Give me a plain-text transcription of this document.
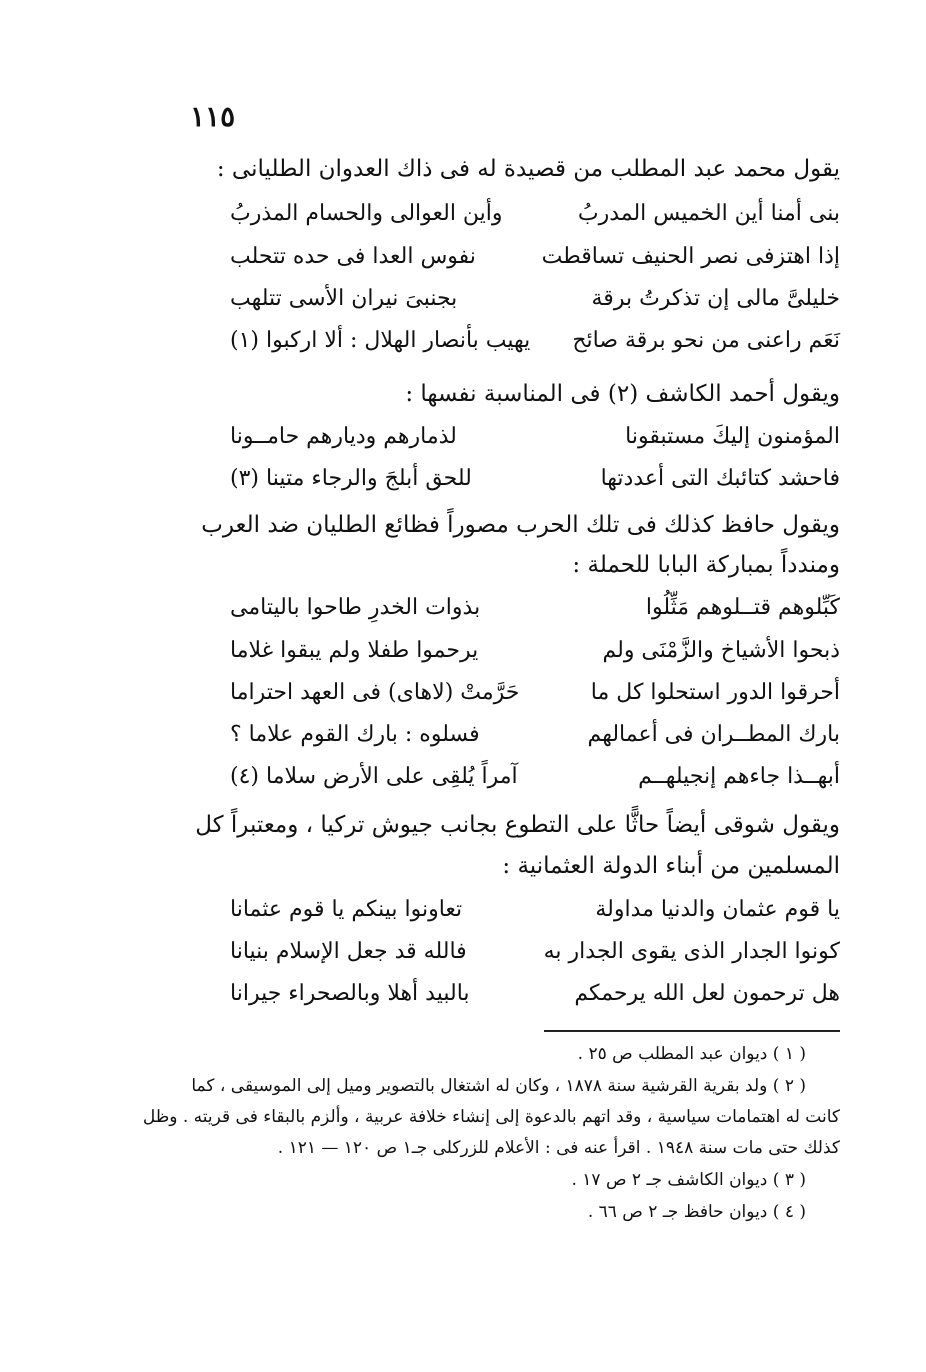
١١٥
يقول محمد عبد المطلب من قصيدة له فى ذاك العدوان الطليانى :
بنى أمنا أين الخميس المدربُ
وأين العوالى والحسام المذربُ
إذا اهتزفى نصر الحنيف تساقطت
نفوس العدا فى حده تتحلب
خليلىَّ مالى إن تذكرتُ برقة
بجنبىَ نيران الأسى تتلهب
نَعَم راعنى من نحو برقة صائح
يهيب بأنصار الهلال : ألا اركبوا (١)
ويقول أحمد الكاشف (٢) فى المناسبة نفسها :
المؤمنون إليكَ مستبقونا
لذمارهم وديارهم حامــونا
فاحشد كتائبك التى أعددتها
للحق أبلجَ والرجاء متينا (٣)
ويقول حافظ كذلك فى تلك الحرب مصوراً فظائع الطليان ضد العرب
ومندداً بمباركة البابا للحملة :
كَبِّلوهم قتــلوهم مَثِّلُوا
بذوات الخدرِ طاحوا باليتامى
ذبحوا الأشياخ والزَّمْنَى ولم
يرحموا طفلا ولم يبقوا غلاما
أحرقوا الدور استحلوا كل ما
حَرَّمتْ (لاهاى) فى العهد احتراما
بارك المطــران فى أعمالهم
فسلوه : بارك القوم علاما ؟
أبهــذا جاءهم إنجيلهــم
آمراً يُلقِى على الأرض سلاما (٤)
ويقول شوقى أيضاً حاثًّا على التطوع بجانب جيوش تركيا ، ومعتبراً كل
المسلمين من أبناء الدولة العثمانية :
يا قوم عثمان والدنيا مداولة
تعاونوا بينكم يا قوم عثمانا
كونوا الجدار الذى يقوى الجدار به
فالله قد جعل الإسلام بنيانا
هل ترحمون لعل الله يرحمكم
بالبيد أهلا وبالصحراء جيرانا
( ١ ) ديوان عبد المطلب ص ٢٥ .
( ٢ ) ولد بقرية القرشية سنة ١٨٧٨ ، وكان له اشتغال بالتصوير وميل إلى الموسيقى ، كما
كانت له اهتمامات سياسية ، وقد اتهم بالدعوة إلى إنشاء خلافة عربية ، وألزم بالبقاء فى قريته . وظل
كذلك حتى مات سنة ١٩٤٨ . اقرأ عنه فى : الأعلام للزركلى جـ١ ص ١٢٠ — ١٢١ .
( ٣ ) ديوان الكاشف جـ ٢ ص ١٧ .
( ٤ ) ديوان حافظ جـ ٢ ص ٦٦ .
